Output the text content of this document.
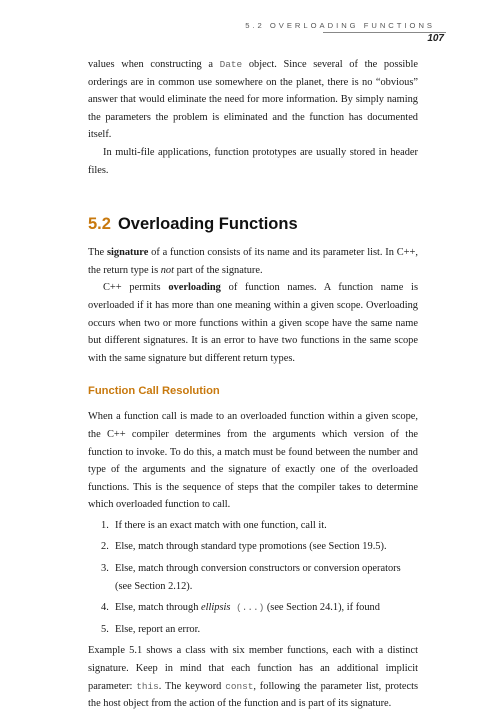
5.2 OVERLOADING FUNCTIONS
107

values when constructing a Date object. Since several of the possible orderings are in common use somewhere on the planet, there is no “obvious” answer that would eliminate the need for more information. By simply naming the parameters the problem is eliminated and the function has documented itself.

In multi-file applications, function prototypes are usually stored in header files.

5.2 Overloading Functions

The signature of a function consists of its name and its parameter list. In C++, the return type is not part of the signature.

C++ permits overloading of function names. A function name is overloaded if it has more than one meaning within a given scope. Overloading occurs when two or more functions within a given scope have the same name but different signatures. It is an error to have two functions in the same scope with the same signature but different return types.

Function Call Resolution

When a function call is made to an overloaded function within a given scope, the C++ compiler determines from the arguments which version of the function to invoke. To do this, a match must be found between the number and type of the arguments and the signature of exactly one of the overloaded functions. This is the sequence of steps that the compiler takes to determine which overloaded function to call.

1. If there is an exact match with one function, call it.
2. Else, match through standard type promotions (see Section 19.5).
3. Else, match through conversion constructors or conversion operators (see Section 2.12).
4. Else, match through ellipsis (...) (see Section 24.1), if found
5. Else, report an error.

Example 5.1 shows a class with six member functions, each with a distinct signature. Keep in mind that each function has an additional implicit parameter: this. The keyword const, following the parameter list, protects the host object from the action of the function and is part of its signature.
